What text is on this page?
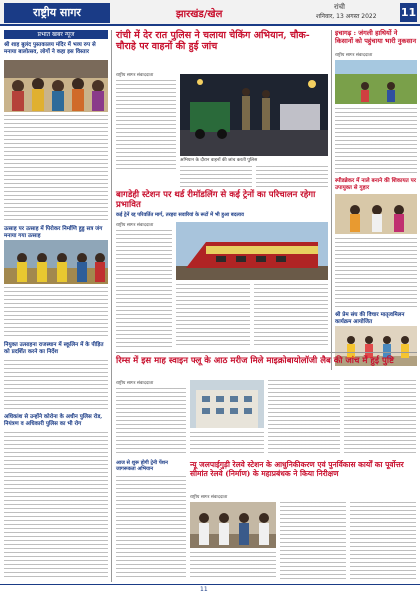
राष्ट्रीय सागर	झारखंड/खेल
रांची
शनिवार, 13 अगस्त 2022 11
प्रभात खबर न्यूज
श्री शाह बुलंद पुस्तकालय मंदिर में भव्य रुप से मनाया बालोत्सव, लोगों ने कहा इस विस्तार
उत्साह पर उत्साह में पिरोकर निर्माणि हुडु सत्र जंग मनाया गया उत्साह
नियुक्त उत्साहना राजस्थान में स्कूलिन में के पीड़ित को प्रदर्शित करने का निर्देश
अधिकांश से उन्होंने कोरोना के अधीन पुलिस रोड, नियंत्रण व अधिकारी पुलिस का भी रोग
रांची में देर रात पुलिस ने चलाया चेकिंग अभियान, चौक-चौराहे पर वाहनों की हुई जांच
राष्ट्रीय सागर संवाददाता
अभियान के दौरान वाहनों की जांच करती पुलिस
बागडेही स्टेशन पर थर्ड रीमॉडलिंग से कई ट्रेनों का परिचालन रहेगा प्रभावित
कई ट्रेनें रद्द परिवर्तित मार्ग, तरहरा सवारियां के रूटों में भी हुआ बदलाव
राष्ट्रीय सागर संवाददाता
इचागढ़ : जंगली हाथियों ने किसानों को पहुंचाया भारी नुकसान
राष्ट्रीय सागर संवाददाता
स्पीडब्रेकर में नाले बनाने की शिकायत पर उपायुक्त से गुहार
श्री प्रेम संघ की विचार मातृत्वमिलन कार्यक्रम आयोजित
रिम्स में इस माह स्वाइन फ्लू के आठ मरीज मिले माइक्रोबायोलॉजी लैब की जांच में हुई पुष्टि
राष्ट्रीय सागर संवाददाता
आज से शुरू होगी ट्रेनी पेंशन जागरूकता अभियान	न्यू जलपाईगुड़ी रेलवे स्टेशन के आधुनिकीकरण एवं पुनर्विकास कार्यों का पूर्वोत्तर सीमांत रेलवे (निर्माण) के महाप्रबंधक ने किया निरीक्षण
राष्ट्रीय सागर संवाददाता
11
